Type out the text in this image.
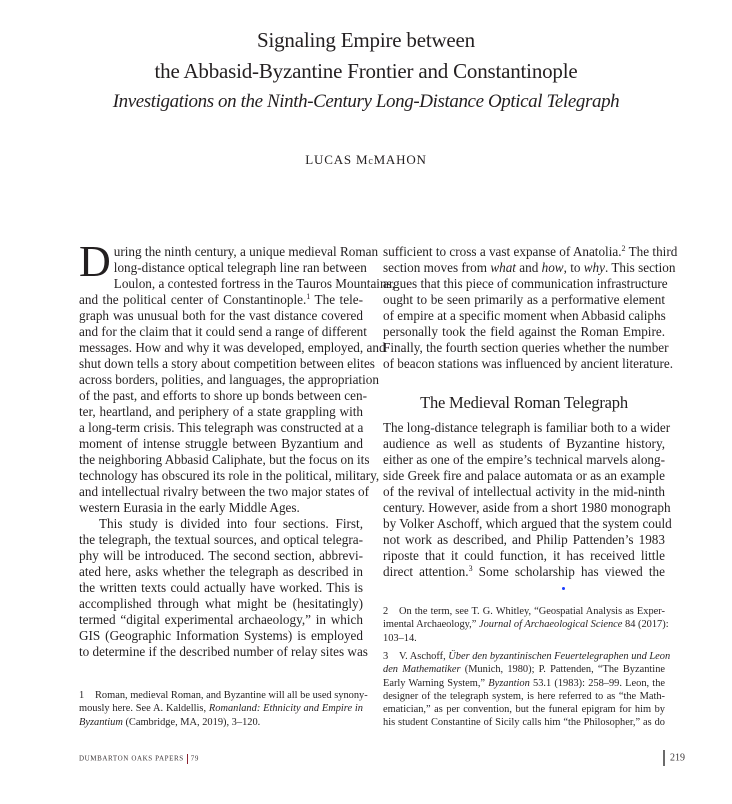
Signaling Empire between
the Abbasid-Byzantine Frontier and Constantinople
Investigations on the Ninth-Century Long-Distance Optical Telegraph
LUCAS McMAHON
D uring the ninth century, a unique medieval Roman
long-distance optical telegraph line ran between
Loulon, a contested fortress in the Tauros Mountains,
and the political center of Constantinople.$^1$ The tele-
graph was unusual both for the vast distance covered
and for the claim that it could send a range of different
messages. How and why it was developed, employed, and
shut down tells a story about competition between elites
across borders, polities, and languages, the appropriation
of the past, and efforts to shore up bonds between cen-
ter, heartland, and periphery of a state grappling with
a long-term crisis. This telegraph was constructed at a
moment of intense struggle between Byzantium and
the neighboring Abbasid Caliphate, but the focus on its
technology has obscured its role in the political, military,
and intellectual rivalry between the two major states of
western Eurasia in the early Middle Ages.
This study is divided into four sections. First,
the telegraph, the textual sources, and optical telegra-
phy will be introduced. The second section, abbrevi-
ated here, asks whether the telegraph as described in
the written texts could actually have worked. This is
accomplished through what might be (hesitatingly)
termed “digital experimental archaeology,” in which
GIS (Geographic Information Systems) is employed
to determine if the described number of relay sites was
1 Roman, medieval Roman, and Byzantine will all be used synony-
mously here. See A. Kaldellis, Romanland: Ethnicity and Empire in
Byzantium (Cambridge, MA, 2019), 3–120.
sufficient to cross a vast expanse of Anatolia.$^2$ The third
section moves from what and how, to why. This section
argues that this piece of communication infrastructure
ought to be seen primarily as a performative element
of empire at a specific moment when Abbasid caliphs
personally took the field against the Roman Empire.
Finally, the fourth section queries whether the number
of beacon stations was influenced by ancient literature.
The Medieval Roman Telegraph
The long-distance telegraph is familiar both to a wider
audience as well as students of Byzantine history,
either as one of the empire’s technical marvels along-
side Greek fire and palace automata or as an example
of the revival of intellectual activity in the mid-ninth
century. However, aside from a short 1980 monograph
by Volker Aschoff, which argued that the system could
not work as described, and Philip Pattenden’s 1983
riposte that it could function, it has received little
direct attention.$^3$ Some scholarship has viewed the
2 On the term, see T. G. Whitley, “Geospatial Analysis as Exper-
imental Archaeology,” Journal of Archaeological Science 84 (2017):
103–14.
3 V. Aschoff, Über den byzantinischen Feuertelegraphen und Leon
den Mathematiker (Munich, 1980); P. Pattenden, “The Byzantine
Early Warning System,” Byzantion 53.1 (1983): 258–99. Leon, the
designer of the telegraph system, is here referred to as “the Math-
ematician,” as per convention, but the funeral epigram for him by
his student Constantine of Sicily calls him “the Philosopher,” as do
DUMBARTON OAKS PAPERS 79	219
